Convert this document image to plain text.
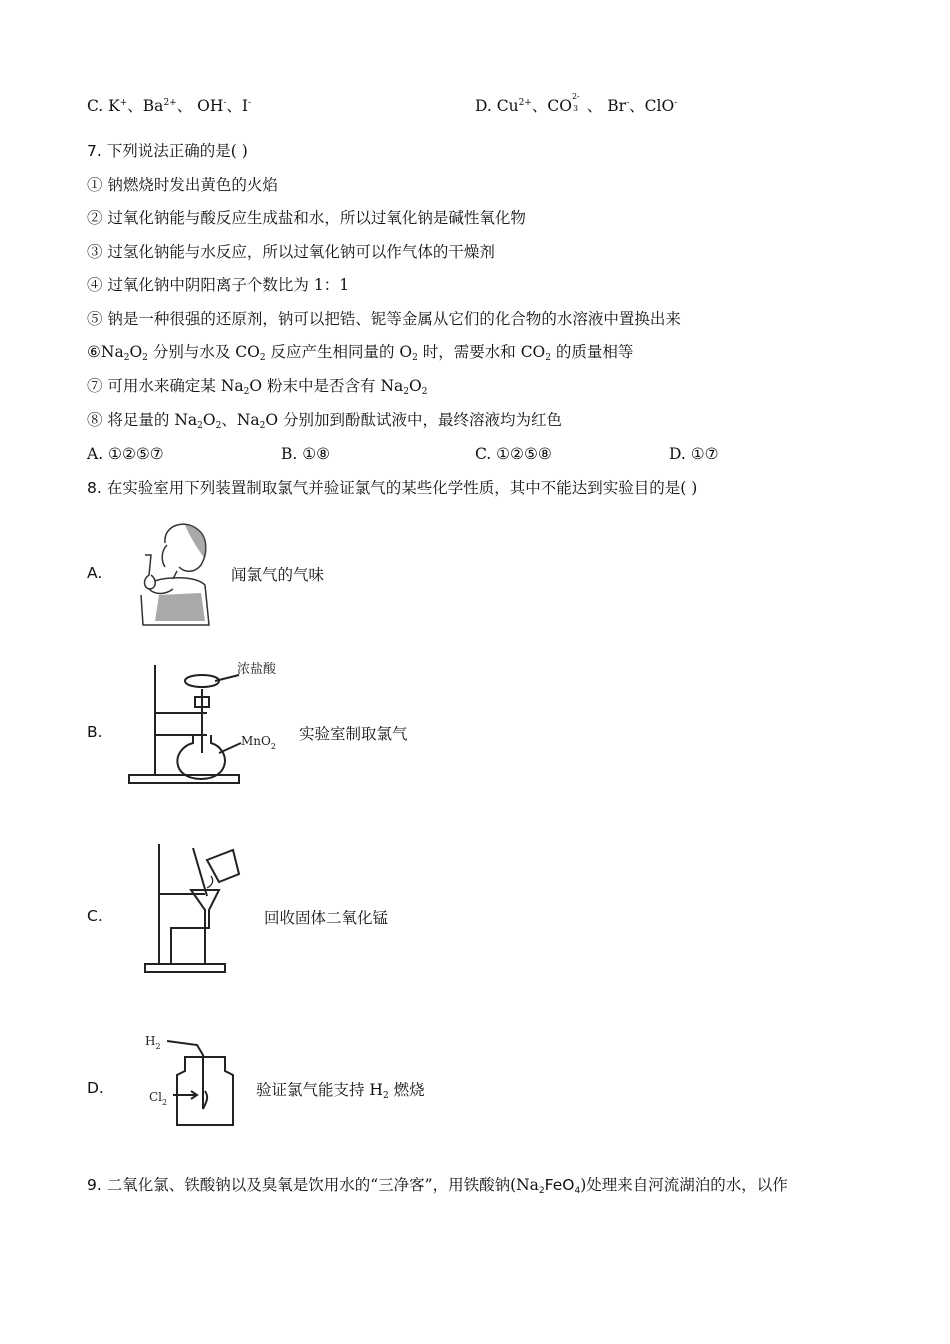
C. K+、$Ba^{2+}$、 OH-、I-	D. $Cu^{2+}$、CO
2-
3 、 Br-、ClO-
7. 下列说法正确的是( )
① 钠燃烧时发出黄色的火焰
② 过氧化钠能与酸反应生成盐和水，所以过氧化钠是碱性氧化物
③ 过氢化钠能与水反应，所以过氧化钠可以作气体的干燥剂
④ 过氧化钠中阴阳离子个数比为 1：1
⑤ 钠是一种很强的还原剂，钠可以把锆、铌等金属从它们的化合物的水溶液中置换出来
$⑥Na_2O_2$ 分别与水及 $CO_2$ 反应产生相同量的 $O_2$ 时，需要水和 $CO_2$ 的质量相等
⑦ 可用水来确定某 $Na_2O$ 粉末中是否含有 $Na_2O_2$
⑧ 将足量的 $Na_2O_2$、$Na_2O$ 分别加到酚酞试液中，最终溶液均为红色
A. ①②⑤⑦	B. ①⑧	C. ①②⑤⑧	D. ①⑦
8. 在实验室用下列装置制取氯气并验证氯气的某些化学性质，其中不能达到实验目的是( )
A.	闻氯气的气味
B.
浓盐酸
MnO$_2$
实验室制取氯气
C.	回收固体二氧化锰
D.
$H_2$
$Cl_2$
验证氯气能支持 $H_2$ 燃烧
9. 二氧化氯、铁酸钠以及臭氧是饮用水的“三净客”，用铁酸钠$(Na_2FeO_4)$处理来自河流湖泊的水，以作
